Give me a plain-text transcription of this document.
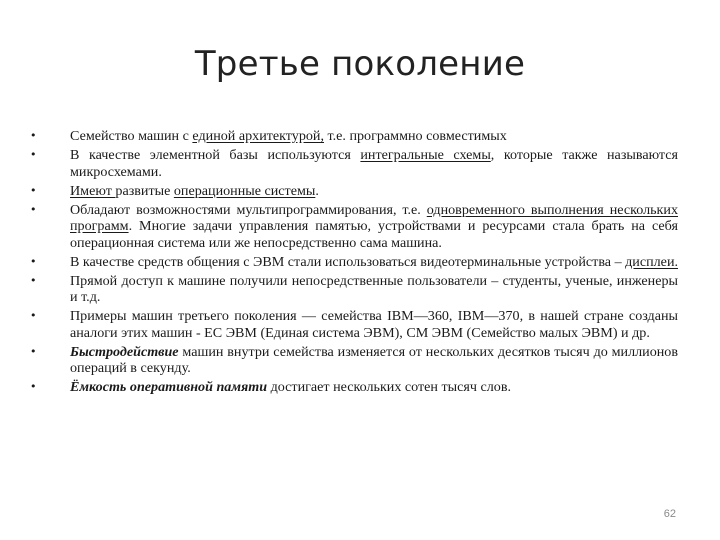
Третье поколение
• Семейство машин с единой архитектурой, т.е. программно совместимых
• В качестве элементной базы используются интегральные схемы, которые также называются микросхемами.
• Имеют развитые операционные системы.
• Обладают возможностями мультипрограммирования, т.е. одновременного выполнения нескольких программ. Многие задачи управления памятью, устройствами и ресурсами стала брать на себя операционная система или же непосредственно сама машина.
• В качестве средств общения с ЭВМ стали использоваться видеотерминальные устройства – дисплеи.
• Прямой доступ к машине получили непосредственные пользователи – студенты, ученые, инженеры и т.д.
• Примеры машин третьего поколения — семейства IBM—360, IBM—370, в нашей стране созданы аналоги этих машин - ЕС ЭВМ (Единая система ЭВМ), СМ ЭВМ (Семейство малых ЭВМ) и др.
• Быстродействие машин внутри семейства изменяется от нескольких десятков тысяч до миллионов операций в секунду.
• Ёмкость оперативной памяти достигает нескольких сотен тысяч слов.
62
